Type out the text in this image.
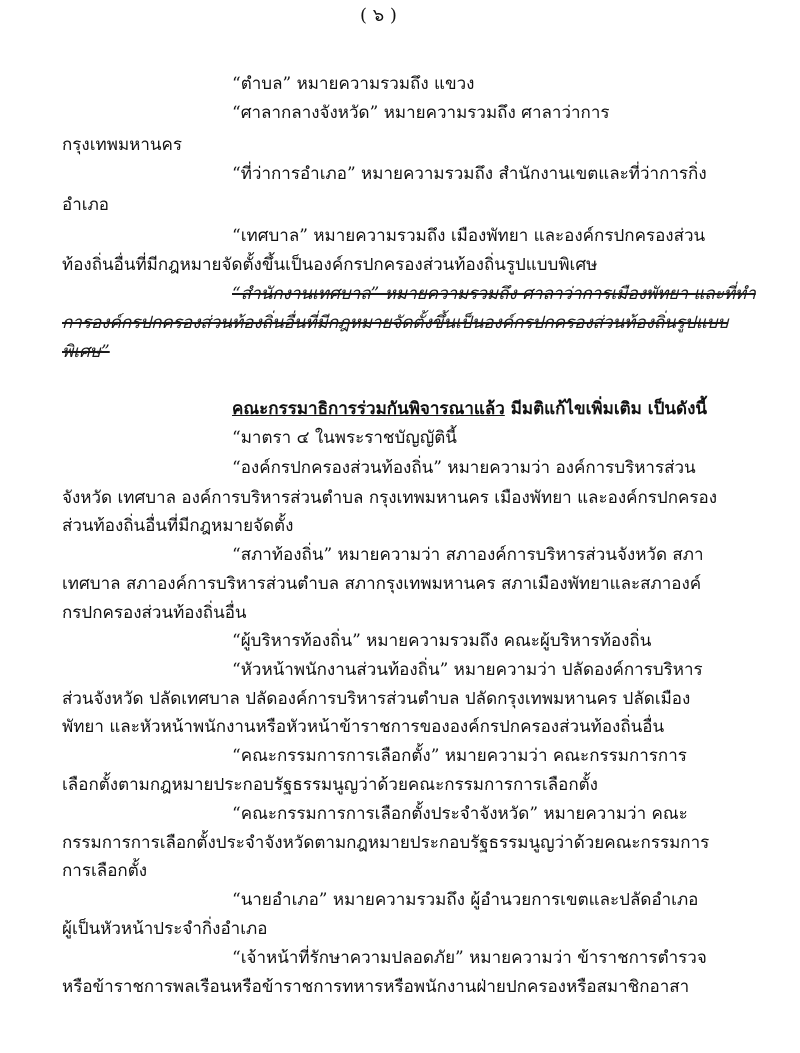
( ๖ )
“ตำบล” หมายความรวมถึง แขวง
“ศาลากลางจังหวัด” หมายความรวมถึง ศาลาว่าการ
กรุงเทพมหานคร
“ที่ว่าการอำเภอ” หมายความรวมถึง สำนักงานเขตและที่ว่าการกิ่ง
อำเภอ
“เทศบาล” หมายความรวมถึง เมืองพัทยา และองค์กรปกครองส่วน
ท้องถิ่นอื่นที่มีกฎหมายจัดตั้งขึ้นเป็นองค์กรปกครองส่วนท้องถิ่นรูปแบบพิเศษ
“สำนักงานเทศบาล” หมายความรวมถึง ศาลาว่าการเมืองพัทยา และที่ทำ
การองค์กรปกครองส่วนท้องถิ่นอื่นที่มีกฎหมายจัดตั้งขึ้นเป็นองค์กรปกครองส่วนท้องถิ่นรูปแบบ
พิเศษ”
คณะกรรมาธิการร่วมกันพิจารณาแล้ว มีมติแก้ไขเพิ่มเติม เป็นดังนี้
“มาตรา ๔ ในพระราชบัญญัตินี้
“องค์กรปกครองส่วนท้องถิ่น” หมายความว่า องค์การบริหารส่วน
จังหวัด เทศบาล องค์การบริหารส่วนตำบล กรุงเทพมหานคร เมืองพัทยา และองค์กรปกครอง
ส่วนท้องถิ่นอื่นที่มีกฎหมายจัดตั้ง
“สภาท้องถิ่น” หมายความว่า สภาองค์การบริหารส่วนจังหวัด สภา
เทศบาล สภาองค์การบริหารส่วนตำบล สภากรุงเทพมหานคร สภาเมืองพัทยาและสภาองค์
กรปกครองส่วนท้องถิ่นอื่น
“ผู้บริหารท้องถิ่น” หมายความรวมถึง คณะผู้บริหารท้องถิ่น
“หัวหน้าพนักงานส่วนท้องถิ่น” หมายความว่า ปลัดองค์การบริหาร
ส่วนจังหวัด ปลัดเทศบาล ปลัดองค์การบริหารส่วนตำบล ปลัดกรุงเทพมหานคร ปลัดเมือง
พัทยา และหัวหน้าพนักงานหรือหัวหน้าข้าราชการขององค์กรปกครองส่วนท้องถิ่นอื่น
“คณะกรรมการการเลือกตั้ง” หมายความว่า คณะกรรมการการ
เลือกตั้งตามกฎหมายประกอบรัฐธรรมนูญว่าด้วยคณะกรรมการการเลือกตั้ง
“คณะกรรมการการเลือกตั้งประจำจังหวัด” หมายความว่า คณะ
กรรมการการเลือกตั้งประจำจังหวัดตามกฎหมายประกอบรัฐธรรมนูญว่าด้วยคณะกรรมการ
การเลือกตั้ง
“นายอำเภอ” หมายความรวมถึง ผู้อำนวยการเขตและปลัดอำเภอ
ผู้เป็นหัวหน้าประจำกิ่งอำเภอ
“เจ้าหน้าที่รักษาความปลอดภัย” หมายความว่า ข้าราชการตำรวจ
หรือข้าราชการพลเรือนหรือข้าราชการทหารหรือพนักงานฝ่ายปกครองหรือสมาชิกอาสา
